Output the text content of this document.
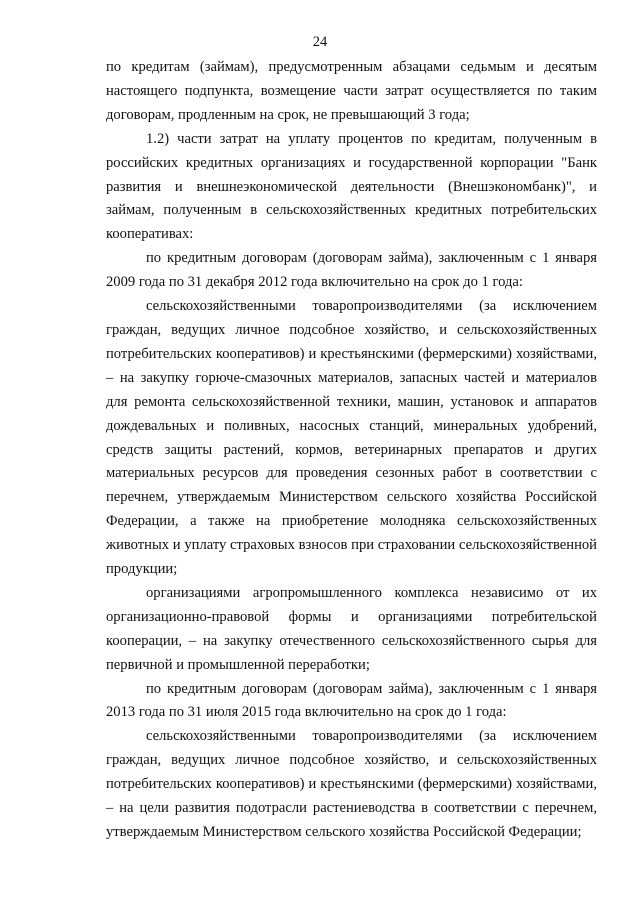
24

по кредитам (займам), предусмотренным абзацами седьмым и десятым настоящего подпункта, возмещение части затрат осуществляется по таким договорам, продленным на срок, не превышающий 3 года;

1.2) части затрат на уплату процентов по кредитам, полученным в российских кредитных организациях и государственной корпорации "Банк развития и внешнеэкономической деятельности (Внешэкономбанк)", и займам, полученным в сельскохозяйственных кредитных потребительских кооперативах:

по кредитным договорам (договорам займа), заключенным с 1 января 2009 года по 31 декабря 2012 года включительно на срок до 1 года:

сельскохозяйственными товаропроизводителями (за исключением граждан, ведущих личное подсобное хозяйство, и сельскохозяйственных потребительских кооперативов) и крестьянскими (фермерскими) хозяйствами, – на закупку горюче-смазочных материалов, запасных частей и материалов для ремонта сельскохозяйственной техники, машин, установок и аппаратов дождевальных и поливных, насосных станций, минеральных удобрений, средств защиты растений, кормов, ветеринарных препаратов и других материальных ресурсов для проведения сезонных работ в соответствии с перечнем, утверждаемым Министерством сельского хозяйства Российской Федерации, а также на приобретение молодняка сельскохозяйственных животных и уплату страховых взносов при страховании сельскохозяйственной продукции;

организациями агропромышленного комплекса независимо от их организационно-правовой формы и организациями потребительской кооперации, – на закупку отечественного сельскохозяйственного сырья для первичной и промышленной переработки;

по кредитным договорам (договорам займа), заключенным с 1 января 2013 года по 31 июля 2015 года включительно на срок до 1 года:

сельскохозяйственными товаропроизводителями (за исключением граждан, ведущих личное подсобное хозяйство, и сельскохозяйственных потребительских кооперативов) и крестьянскими (фермерскими) хозяйствами, – на цели развития подотрасли растениеводства в соответствии с перечнем, утверждаемым Министерством сельского хозяйства Российской Федерации;
